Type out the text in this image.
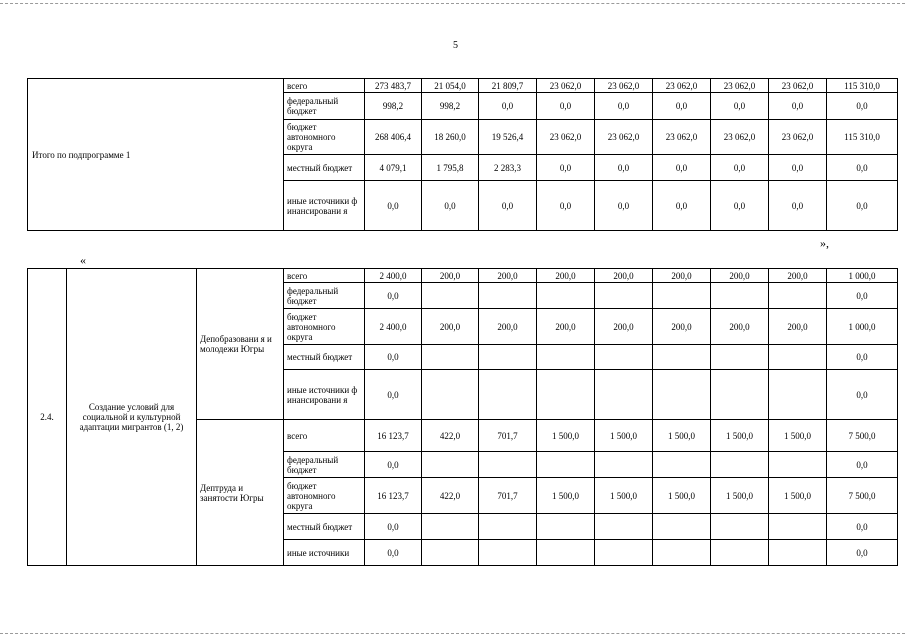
5
Итого по подпрограмме 1	всего	273 483,7	21 054,0	21 809,7	23 062,0	23 062,0	23 062,0	23 062,0	23 062,0	115 310,0
	федеральный бюджет	998,2	998,2	0,0	0,0	0,0	0,0	0,0	0,0	0,0
	бюджет автономного округа	268 406,4	18 260,0	19 526,4	23 062,0	23 062,0	23 062,0	23 062,0	23 062,0	115 310,0
	местный бюджет	4 079,1	1 795,8	2 283,3	0,0	0,0	0,0	0,0	0,0	0,0
	иные источники финансировани я	0,0	0,0	0,0	0,0	0,0	0,0	0,0	0,0	0,0
»,
«
2.4.	Создание условий для социальной и культурной адаптации мигрантов (1, 2)	Депобразовани я и молодежи Югры	всего	2 400,0	200,0	200,0	200,0	200,0	200,0	200,0	200,0	1 000,0
			федеральный бюджет	0,0								0,0
			бюджет автономного округа	2 400,0	200,0	200,0	200,0	200,0	200,0	200,0	200,0	1 000,0
			местный бюджет	0,0								0,0
			иные источники финансировани я	0,0								0,0
		Дептруда и занятости Югры	всего	16 123,7	422,0	701,7	1 500,0	1 500,0	1 500,0	1 500,0	1 500,0	7 500,0
			федеральный бюджет	0,0								0,0
			бюджет автономного округа	16 123,7	422,0	701,7	1 500,0	1 500,0	1 500,0	1 500,0	1 500,0	7 500,0
			местный бюджет	0,0								0,0
			иные источники	0,0								0,0
